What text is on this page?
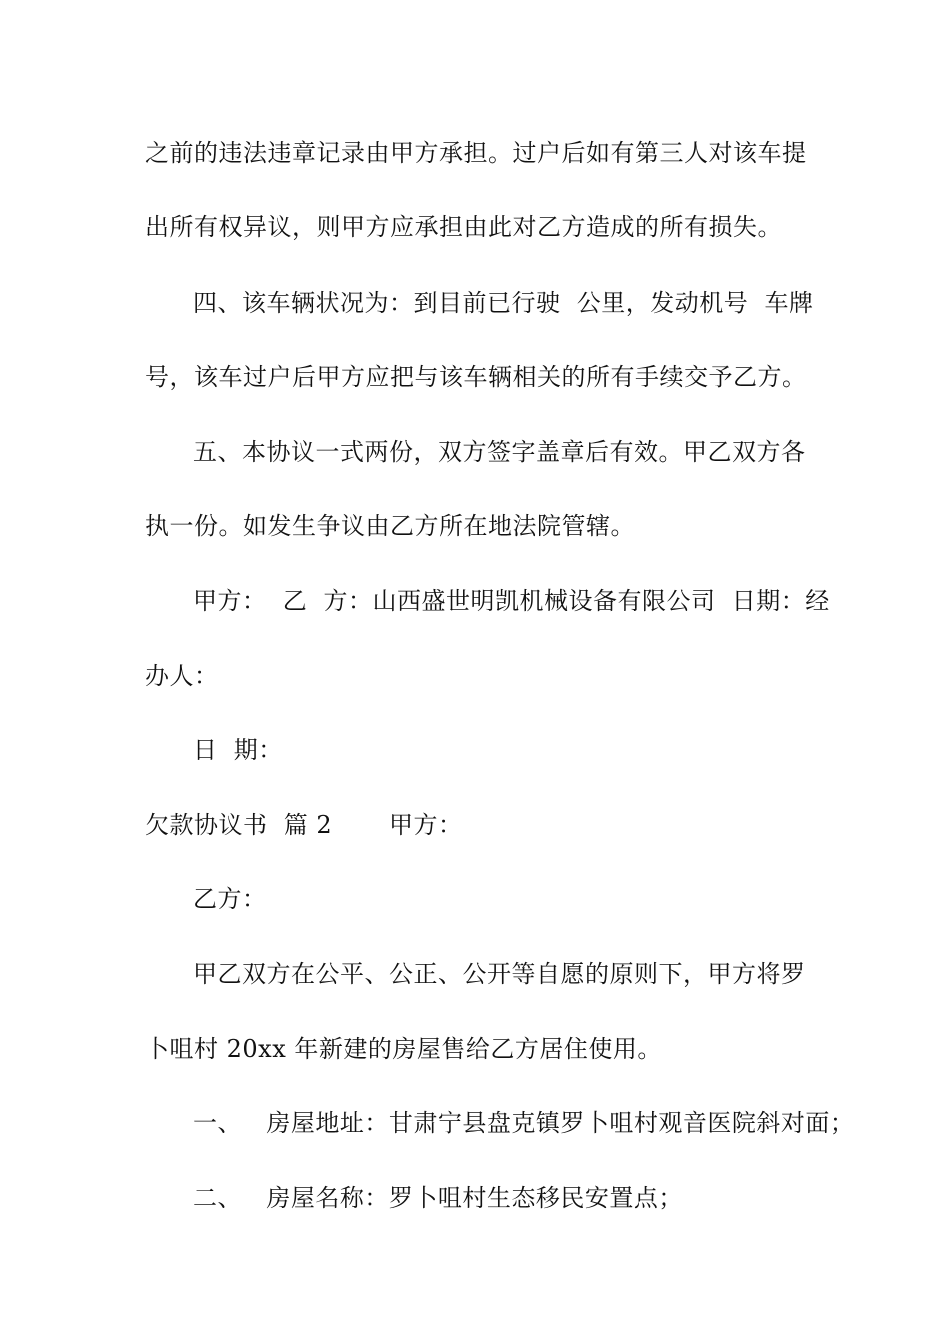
之前的违法违章记录由甲方承担。过户后如有第三人对该车提
出所有权异议，则甲方应承担由此对乙方造成的所有损失。
四、该车辆状况为：到目前已行驶  公里，发动机号  车牌
号，该车过户后甲方应把与该车辆相关的所有手续交予乙方。
五、本协议一式两份，双方签字盖章后有效。甲乙双方各
执一份。如发生争议由乙方所在地法院管辖。
甲方：  乙  方：山西盛世明凯机械设备有限公司  日期：经
办人：
日  期：
欠款协议书  篇 2       甲方：
乙方：
甲乙双方在公平、公正、公开等自愿的原则下，甲方将罗
卜咀村 20xx 年新建的房屋售给乙方居住使用。
一、   房屋地址：甘肃宁县盘克镇罗卜咀村观音医院斜对面；
二、   房屋名称：罗卜咀村生态移民安置点；
